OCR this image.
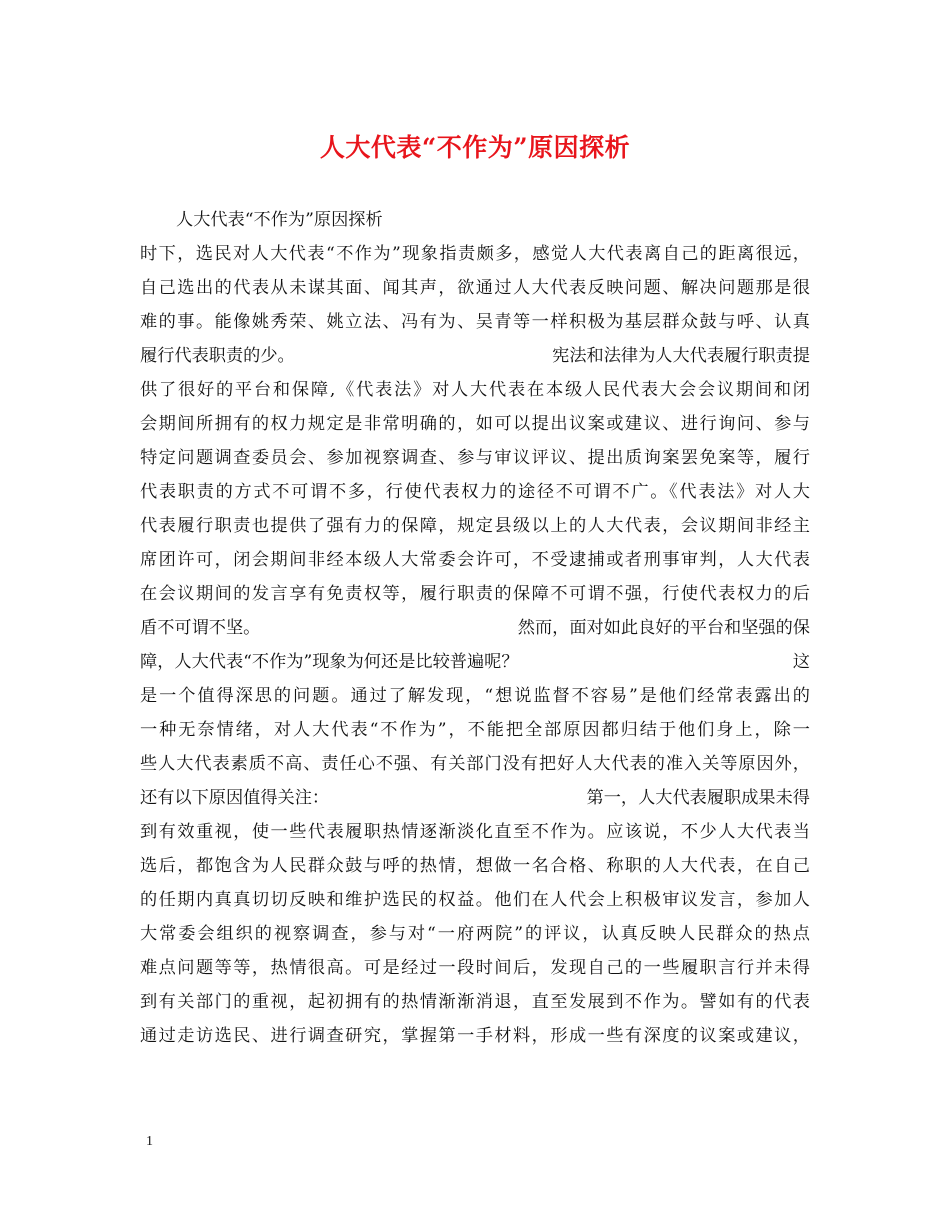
人大代表“不作为”原因探析
人大代表“不作为”原因探析
时下，选民对人大代表“不作为”现象指责颇多，感觉人大代表离自己的距离很远，
自己选出的代表从未谋其面、闻其声，欲通过人大代表反映问题、解决问题那是很
难的事。能像姚秀荣、姚立法、冯有为、吴青等一样积极为基层群众鼓与呼、认真
履行代表职责的少。	宪法和法律为人大代表履行职责提
供了很好的平台和保障,《代表法》对人大代表在本级人民代表大会会议期间和闭
会期间所拥有的权力规定是非常明确的，如可以提出议案或建议、进行询问、参与
特定问题调查委员会、参加视察调查、参与审议评议、提出质询案罢免案等，履行
代表职责的方式不可谓不多，行使代表权力的途径不可谓不广。《代表法》对人大
代表履行职责也提供了强有力的保障，规定县级以上的人大代表，会议期间非经主
席团许可，闭会期间非经本级人大常委会许可，不受逮捕或者刑事审判，人大代表
在会议期间的发言享有免责权等，履行职责的保障不可谓不强，行使代表权力的后
盾不可谓不坚。	然而，面对如此良好的平台和坚强的保
障，人大代表“不作为”现象为何还是比较普遍呢？	这
是一个值得深思的问题。通过了解发现，“想说监督不容易”是他们经常表露出的
一种无奈情绪，对人大代表“不作为”，不能把全部原因都归结于他们身上，除一
些人大代表素质不高、责任心不强、有关部门没有把好人大代表的准入关等原因外，
还有以下原因值得关注：	第一，人大代表履职成果未得
到有效重视，使一些代表履职热情逐渐淡化直至不作为。应该说，不少人大代表当
选后，都饱含为人民群众鼓与呼的热情，想做一名合格、称职的人大代表，在自己
的任期内真真切切反映和维护选民的权益。他们在人代会上积极审议发言，参加人
大常委会组织的视察调查，参与对“一府两院”的评议，认真反映人民群众的热点
难点问题等等，热情很高。可是经过一段时间后，发现自己的一些履职言行并未得
到有关部门的重视，起初拥有的热情渐渐消退，直至发展到不作为。譬如有的代表
通过走访选民、进行调查研究，掌握第一手材料，形成一些有深度的议案或建议，
1
